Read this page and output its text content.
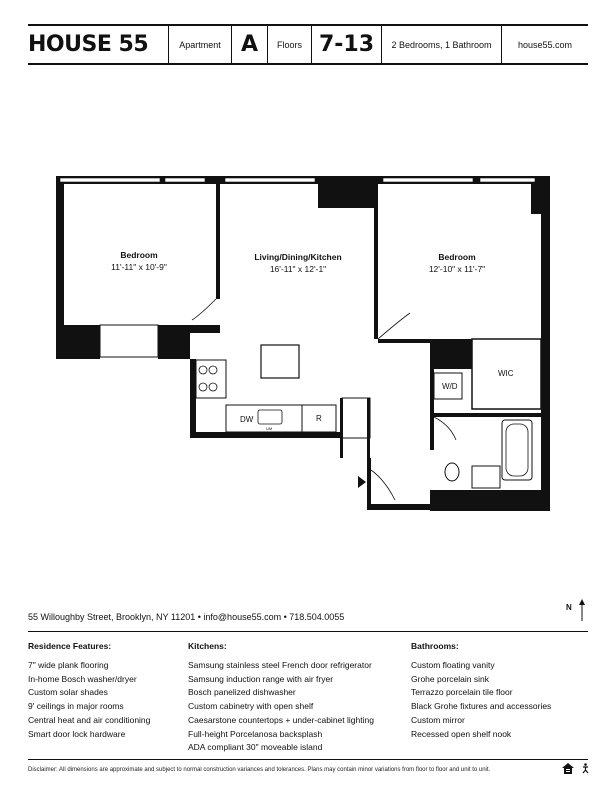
HOUSE 55	Apartment A Floors 7-13 2 Bedrooms, 1 Bathroom	house55.com
DW	R
UM
W/D
WIC
Bedroom
11'-11" x 10'-9"
Living/Dining/Kitchen
16'-11" x 12'-1"
Bedroom
12'-10" x 11'-7"
55 Willoughby Street, Brooklyn, NY 11201 • info@house55.com • 718.504.0055
N
Residence Features:
7" wide plank flooring
In-home Bosch washer/dryer
Custom solar shades
9' ceilings in major rooms
Central heat and air conditioning
Smart door lock hardware
Kitchens:
Samsung stainless steel French door refrigerator
Samsung induction range with air fryer
Bosch panelized dishwasher
Custom cabinetry with open shelf
Caesarstone countertops + under-cabinet lighting
Full-height Porcelanosa backsplash
ADA compliant 30" moveable island
Bathrooms:
Custom floating vanity
Grohe porcelain sink
Terrazzo porcelain tile floor
Black Grohe fixtures and accessories
Custom mirror
Recessed open shelf nook
Disclaimer: All dimensions are approximate and subject to normal construction variances and tolerances. Plans may contain minor variations from floor to floor and unit to unit.
